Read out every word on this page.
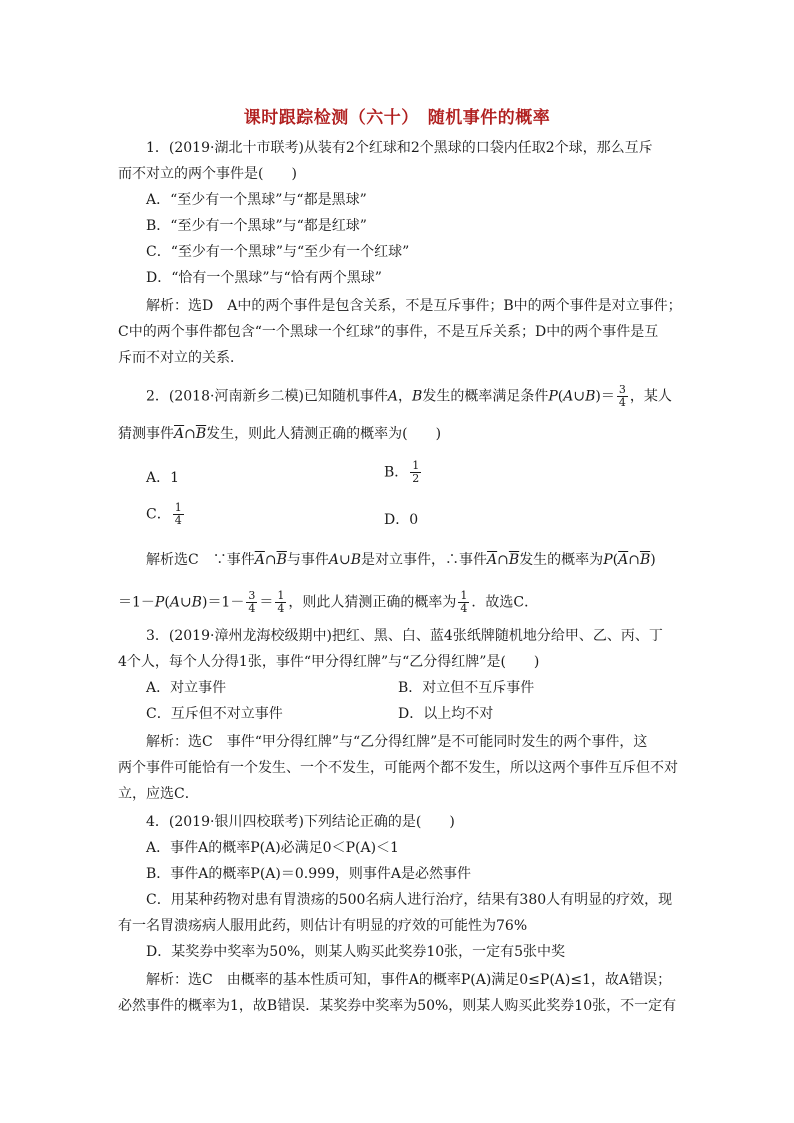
课时跟踪检测（六十）　随机事件的概率
1．(2019·湖北十市联考)从装有2个红球和2个黑球的口袋内任取2个球，那么互斥
而不对立的两个事件是(　　)
A．“至少有一个黑球”与“都是黑球”
B．“至少有一个黑球”与“都是红球”
C．“至少有一个黑球”与“至少有一个红球”
D．“恰有一个黑球”与“恰有两个黑球”
解析：选D　A中的两个事件是包含关系，不是互斥事件；B中的两个事件是对立事件；
C中的两个事件都包含“一个黑球一个红球”的事件，不是互斥关系；D中的两个事件是互
斥而不对立的关系．
2．(2018·河南新乡二模)已知随机事件A，B发生的概率满足条件P(A∪B)＝ $\frac{3}{4}$ ，某人
猜测事件$\overline{A}\cap\overline{B}$发生，则此人猜测正确的概率为(　　)
A．1	B． $\frac{1}{2}$
C． $\frac{1}{4}$	D．0
解析选C　∵事件$\overline{A}\cap\overline{B}$与事件A∪B是对立事件，∴事件$\overline{A}\cap\overline{B}$发生的概率为$P(\overline{A}\cap\overline{B})$
＝1－P(A∪B)＝1－ $\frac{3}{4} = \frac{1}{4}$ ，则此人猜测正确的概率为 $\frac{1}{4}$ ．故选C．
3．(2019·漳州龙海校级期中)把红、黑、白、蓝4张纸牌随机地分给甲、乙、丙、丁
4个人，每个人分得1张，事件“甲分得红牌”与“乙分得红牌”是(　　)
A．对立事件	B．对立但不互斥事件
C．互斥但不对立事件	D．以上均不对
解析：选C　事件“甲分得红牌”与“乙分得红牌”是不可能同时发生的两个事件，这
两个事件可能恰有一个发生、一个不发生，可能两个都不发生，所以这两个事件互斥但不对
立，应选C．
4．(2019·银川四校联考)下列结论正确的是(　　)
A．事件A的概率P(A)必满足0＜P(A)＜1
B．事件A的概率P(A)＝0.999，则事件A是必然事件
C．用某种药物对患有胃溃疡的500名病人进行治疗，结果有380人有明显的疗效，现
有一名胃溃疡病人服用此药，则估计有明显的疗效的可能性为76%
D．某奖券中奖率为50%，则某人购买此奖券10张，一定有5张中奖
解析：选C　由概率的基本性质可知，事件A的概率P(A)满足0≤P(A)≤1，故A错误；
必然事件的概率为1，故B错误．某奖券中奖率为50%，则某人购买此奖券10张，不一定有
